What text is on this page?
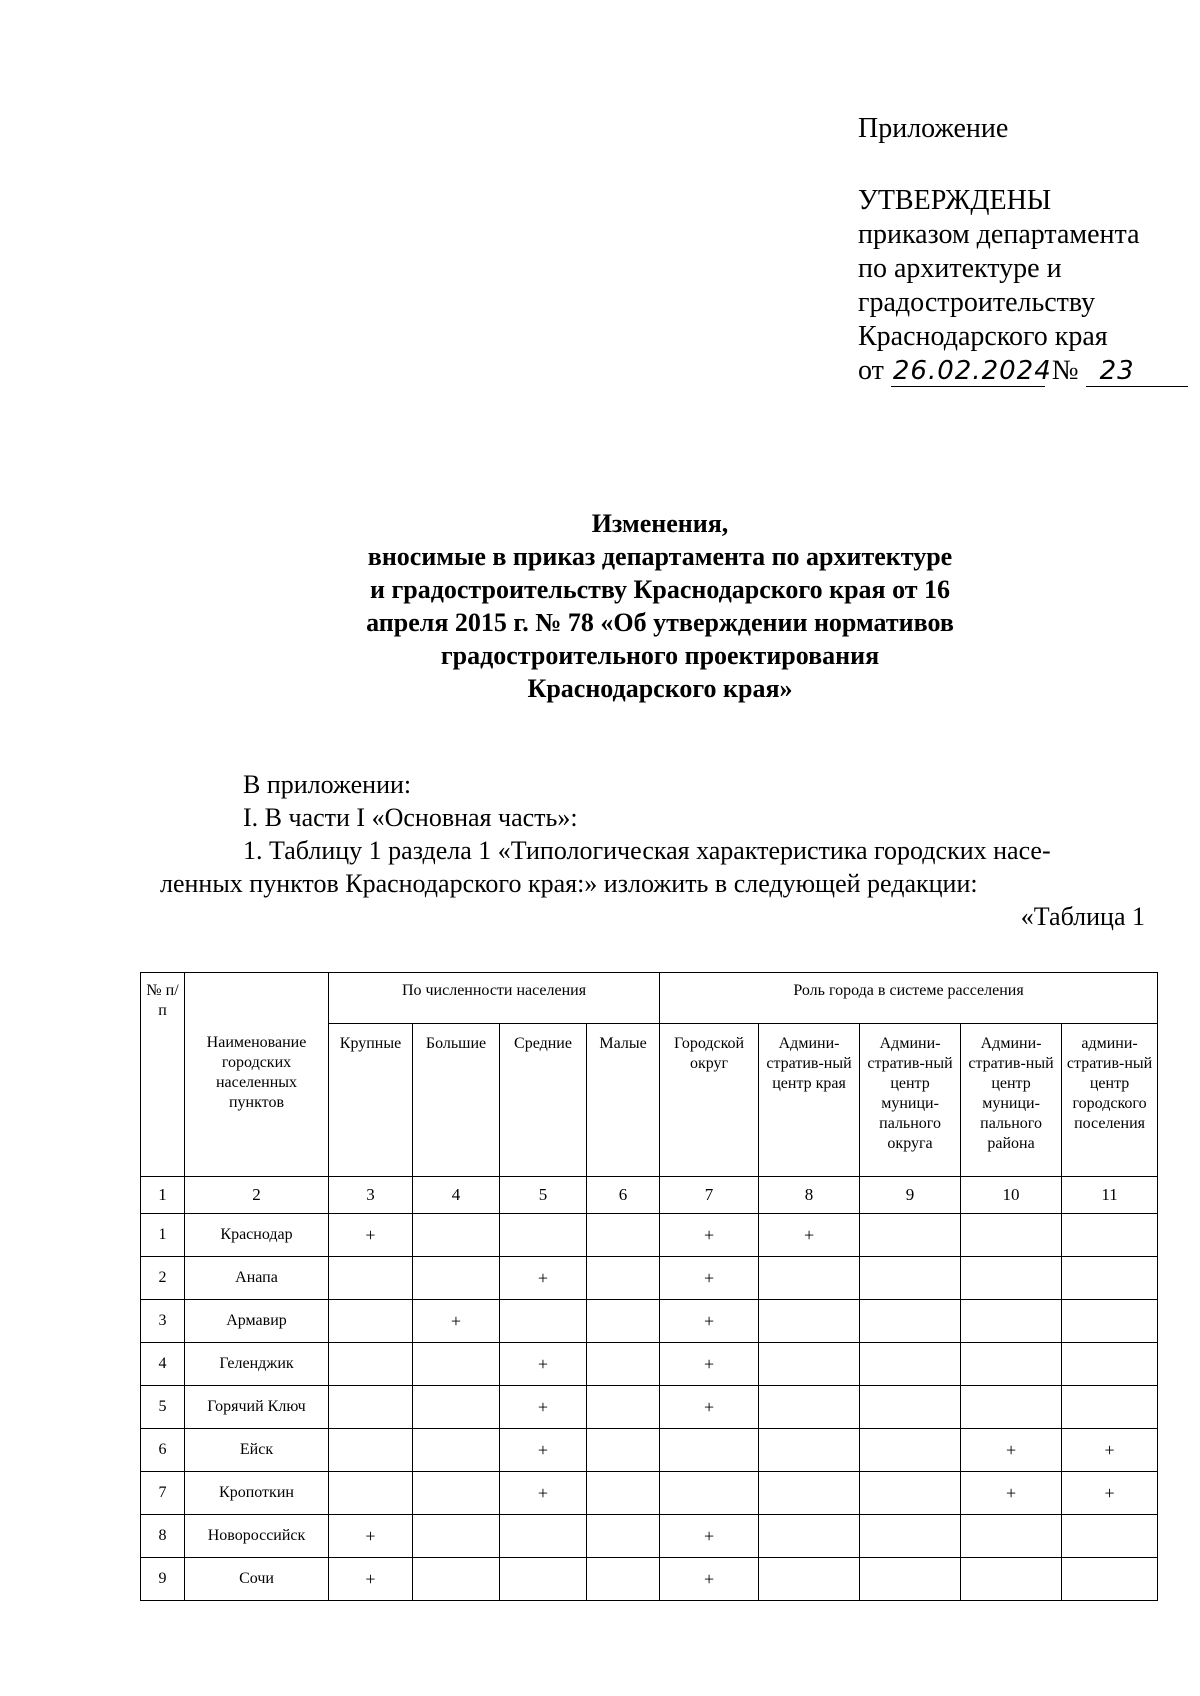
Приложение
УТВЕРЖДЕНЫ
приказом департамента
по архитектуре и
градостроительству
Краснодарского края
от 26.02.2024 № 23
Изменения,
вносимые в приказ департамента по архитектуре
и градостроительству Краснодарского края от 16
апреля 2015 г. № 78 «Об утверждении нормативов
градостроительного проектирования
Краснодарского края»
В приложении:
I. В части I «Основная часть»:
1. Таблицу 1 раздела 1 «Типологическая характеристика городских насе-
ленных пунктов Краснодарского края:» изложить в следующей редакции:
«Таблица 1
№ п/п	Наименование городских населенных пунктов	По численности населения				Роль города в системе расселения				
		Крупные	Большие	Средние	Малые	Городской округ	Админи-стратив-ный центр края	Админи-стратив-ный центр муници-пального округа	Админи-стратив-ный центр муници-пального района	админи-стратив-ный центр городского поселения
1	2	3	4	5	6	7	8	9	10	11
1	Краснодар	+				+	+			
2	Анапа			+		+				
3	Армавир		+			+				
4	Геленджик			+		+				
5	Горячий Ключ			+		+				
6	Ейск			+					+	+
7	Кропоткин			+					+	+
8	Новороссийск	+				+				
9	Сочи	+				+				
